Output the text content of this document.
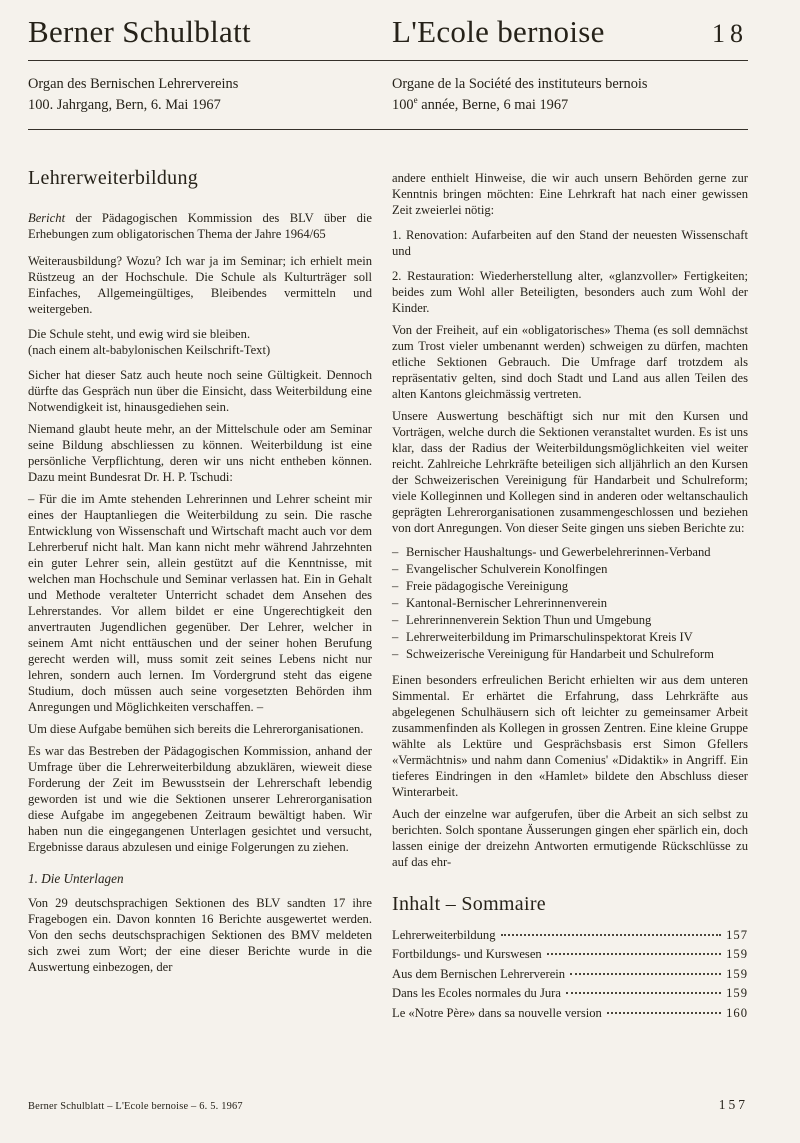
Berner Schulblatt	L'Ecole bernoise	18
Organ des Bernischen Lehrervereins
100. Jahrgang, Bern, 6. Mai 1967
Organe de la Société des instituteurs bernois
100e année, Berne, 6 mai 1967
Lehrerweiterbildung

Bericht der Pädagogischen Kommission des BLV über die Erhebungen zum obligatorischen Thema der Jahre 1964/65

Weiterausbildung? Wozu? Ich war ja im Seminar; ich erhielt mein Rüstzeug an der Hochschule. Die Schule als Kulturträger soll Einfaches, Allgemeingültiges, Bleibendes vermitteln und weitergeben.

Die Schule steht, und ewig wird sie bleiben.
(nach einem alt-babylonischen Keilschrift-Text)

Sicher hat dieser Satz auch heute noch seine Gültigkeit. Dennoch dürfte das Gespräch nun über die Einsicht, dass Weiterbildung eine Notwendigkeit ist, hinausgediehen sein.

Niemand glaubt heute mehr, an der Mittelschule oder am Seminar seine Bildung abschliessen zu können. Weiterbildung ist eine persönliche Verpflichtung, deren wir uns nicht entheben können. Dazu meint Bundesrat Dr. H. P. Tschudi:

– Für die im Amte stehenden Lehrerinnen und Lehrer scheint mir eines der Hauptanliegen die Weiterbildung zu sein. Die rasche Entwicklung von Wissenschaft und Wirtschaft macht auch vor dem Lehrerberuf nicht halt. Man kann nicht mehr während Jahrzehnten ein guter Lehrer sein, allein gestützt auf die Kenntnisse, mit welchen man Hochschule und Seminar verlassen hat. Ein in Gehalt und Methode veralteter Unterricht schadet dem Ansehen des Lehrerstandes. Vor allem bildet er eine Ungerechtigkeit den anvertrauten Jugendlichen gegenüber. Der Lehrer, welcher in seinem Amt nicht enttäuschen und der seiner hohen Berufung gerecht werden will, muss somit zeit seines Lebens nicht nur lehren, sondern auch lernen. Im Vordergrund steht das eigene Studium, doch müssen auch seine vorgesetzten Behörden ihm Anregungen und Möglichkeiten verschaffen. –

Um diese Aufgabe bemühen sich bereits die Lehrerorganisationen.

Es war das Bestreben der Pädagogischen Kommission, anhand der Umfrage über die Lehrerweiterbildung abzuklären, wieweit diese Forderung der Zeit im Bewusstsein der Lehrerschaft lebendig geworden ist und wie die Sektionen unserer Lehrerorganisation diese Aufgabe im angegebenen Zeitraum bewältigt haben. Wir haben nun die eingegangenen Unterlagen gesichtet und versucht, Ergebnisse daraus abzulesen und einige Folgerungen zu ziehen.

1. Die Unterlagen

Von 29 deutschsprachigen Sektionen des BLV sandten 17 ihre Fragebogen ein. Davon konnten 16 Berichte ausgewertet werden. Von den sechs deutschsprachigen Sektionen des BMV meldeten sich zwei zum Wort; der eine dieser Berichte wurde in die Auswertung einbezogen, der

andere enthielt Hinweise, die wir auch unsern Behörden gerne zur Kenntnis bringen möchten: Eine Lehrkraft hat nach einer gewissen Zeit zweierlei nötig:

1. Renovation: Aufarbeiten auf den Stand der neuesten Wissenschaft und

2. Restauration: Wiederherstellung alter, «glanzvoller» Fertigkeiten; beides zum Wohl aller Beteiligten, besonders auch zum Wohl der Kinder.

Von der Freiheit, auf ein «obligatorisches» Thema (es soll demnächst zum Trost vieler umbenannt werden) schweigen zu dürfen, machten etliche Sektionen Gebrauch. Die Umfrage darf trotzdem als repräsentativ gelten, sind doch Stadt und Land aus allen Teilen des alten Kantons gleichmässig vertreten.

Unsere Auswertung beschäftigt sich nur mit den Kursen und Vorträgen, welche durch die Sektionen veranstaltet wurden. Es ist uns klar, dass der Radius der Weiterbildungsmöglichkeiten viel weiter reicht. Zahlreiche Lehrkräfte beteiligen sich alljährlich an den Kursen der Schweizerischen Vereinigung für Handarbeit und Schulreform; viele Kolleginnen und Kollegen sind in anderen oder weltanschaulich geprägten Lehrerorganisationen zusammengeschlossen und beziehen von dort Anregungen. Von dieser Seite gingen uns sieben Berichte zu:

– Bernischer Haushaltungs- und Gewerbelehrerinnen-Verband
– Evangelischer Schulverein Konolfingen
– Freie pädagogische Vereinigung
– Kantonal-Bernischer Lehrerinnenverein
– Lehrerinnenverein Sektion Thun und Umgebung
– Lehrerweiterbildung im Primarschulinspektorat Kreis IV
– Schweizerische Vereinigung für Handarbeit und Schulreform

Einen besonders erfreulichen Bericht erhielten wir aus dem unteren Simmental. Er erhärtet die Erfahrung, dass Lehrkräfte aus abgelegenen Schulhäusern sich oft leichter zu gemeinsamer Arbeit zusammenfinden als Kollegen in grossen Zentren. Eine kleine Gruppe wählte als Lektüre und Gesprächsbasis erst Simon Gfellers «Vermächtnis» und nahm dann Comenius' «Didaktik» in Angriff. Ein tieferes Eindringen in den «Hamlet» bildete den Abschluss dieser Winterarbeit.

Auch der einzelne war aufgerufen, über die Arbeit an sich selbst zu berichten. Solch spontane Äusserungen gingen eher spärlich ein, doch lassen einige der dreizehn Antworten ermutigende Rückschlüsse zu auf das ehr-

Inhalt – Sommaire
Lehrerweiterbildung	157
Fortbildungs- und Kurswesen	159
Aus dem Bernischen Lehrerverein	159
Dans les Ecoles normales du Jura	159
Le «Notre Père» dans sa nouvelle version	160
Berner Schulblatt – L'Ecole bernoise – 6. 5. 1967	157
